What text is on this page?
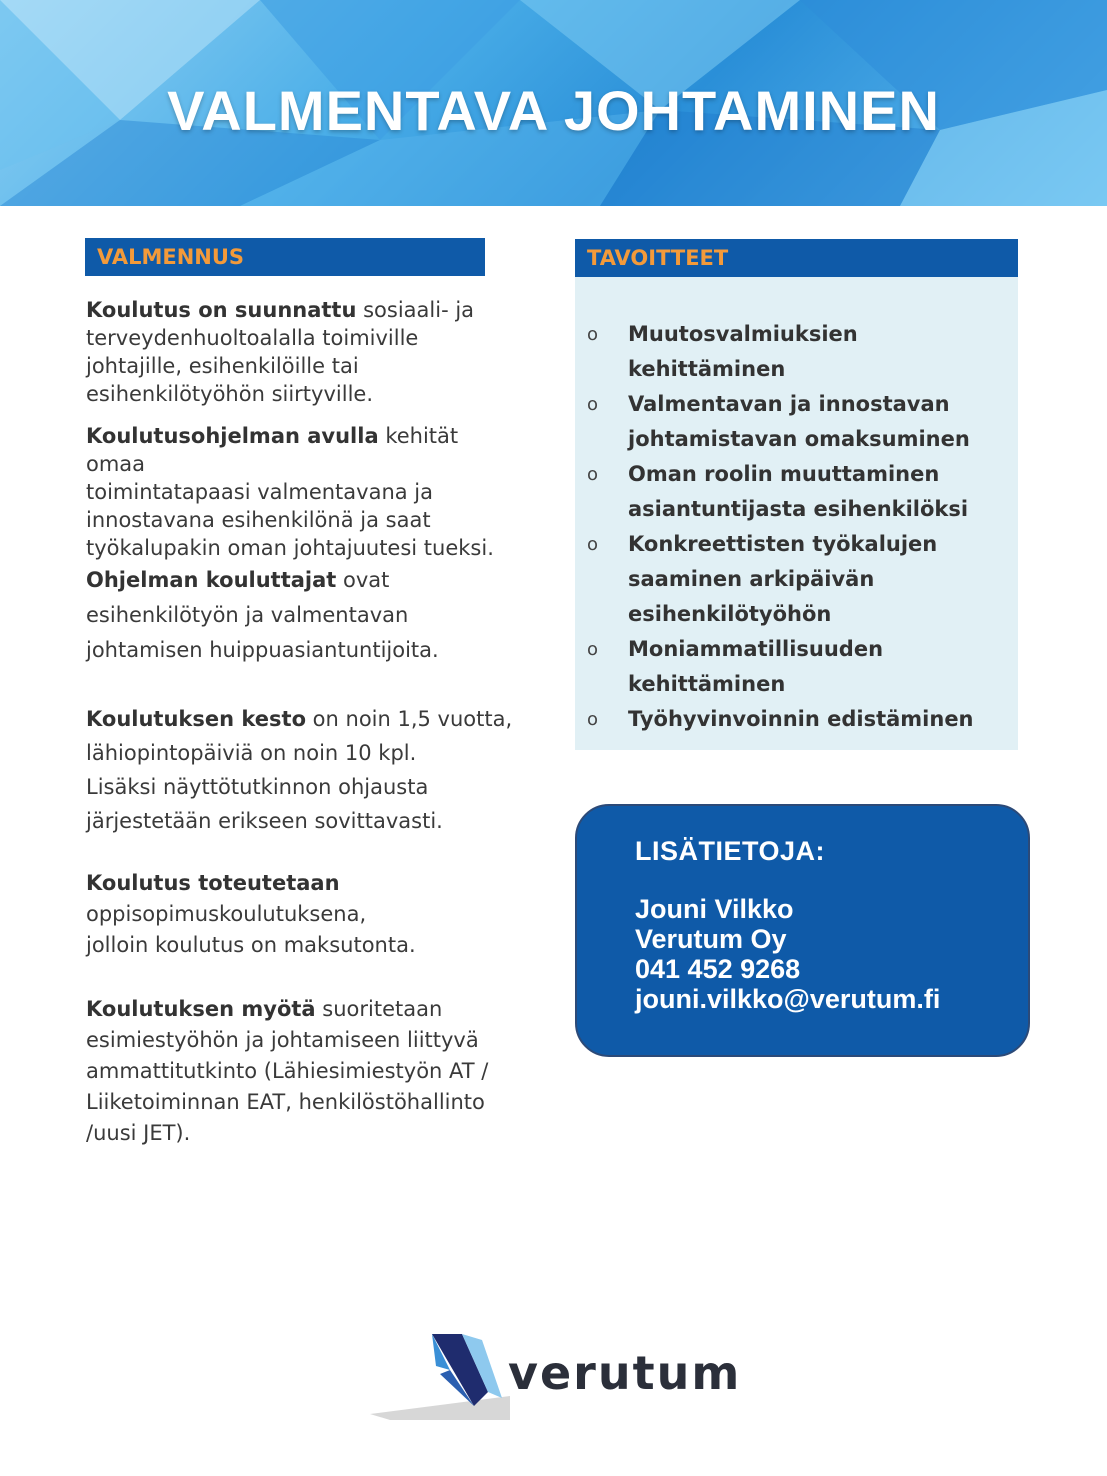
VALMENTAVA JOHTAMINEN
VALMENNUS	TAVOITTEET

Koulutus on suunnattu sosiaali- ja
terveydenhuoltoalalla toimiville
johtajille, esihenkilöille tai
esihenkilötyöhön siirtyville.

Koulutusohjelman avulla kehität omaa
toimintatapaasi valmentavana ja
innostavana esihenkilönä ja saat
työkalupakin oman johtajuutesi tueksi.

Ohjelman kouluttajat ovat
esihenkilötyön ja valmentavan
johtamisen huippuasiantuntijoita.

Koulutuksen kesto on noin 1,5 vuotta,
lähiopintopäiviä on noin 10 kpl.
Lisäksi näyttötutkinnon ohjausta
järjestetään erikseen sovittavasti.

Koulutus toteutetaan
oppisopimuskoulutuksena,
jolloin koulutus on maksutonta.

Koulutuksen myötä suoritetaan
esimiestyöhön ja johtamiseen liittyvä
ammattitutkinto (Lähiesimiestyön AT /
Liiketoiminnan EAT, henkilöstöhallinto
/uusi JET).

o Muutosvalmiuksien kehittäminen
o Valmentavan ja innostavan
johtamistavan omaksuminen
o Oman roolin muuttaminen
asiantuntijasta esihenkilöksi
o Konkreettisten työkalujen
saaminen arkipäivän
esihenkilötyöhön
o Moniammatillisuuden
kehittäminen
o Työhyvinvoinnin edistäminen
LISÄTIETOJA:
Jouni Vilkko
Verutum Oy
041 452 9268
jouni.vilkko@verutum.fi
verutum
